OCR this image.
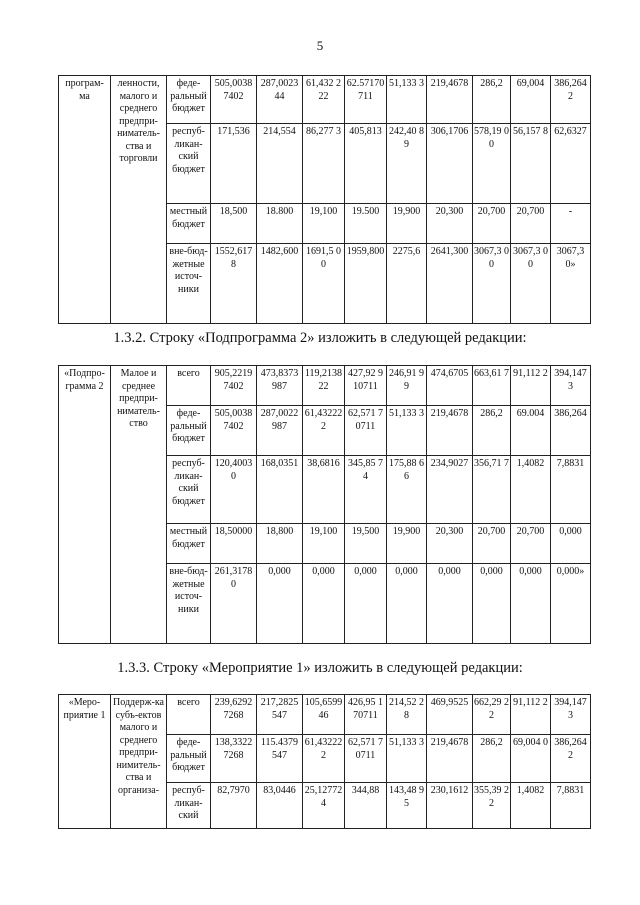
5
програм-ма	ленности, малого и среднего предпри-ниматель-ства и торговли	феде-ральный бюджет	505,0038 7402	287,0023 44	61,432 222	62.57170 711	51,133 3	219,4678	286,2	69,004	386,2642
		респуб-ликан-ский бюджет	171,536	214,554	86,277 3	405,813	242,40 89	306,1706	578,19 00	56,157 8	62,6327
		местный бюджет	18,500	18.800	19,100	19.500	19,900	20,300	20,700	20,700	-
		вне-бюд-жетные источ-ники	1552,617 8	1482,600	1691,5 00	1959,800	2275,6	2641,300	3067,3 00	3067,3 00	3067,30»
1.3.2. Строку «Подпрограмма 2» изложить в следующей редакции:
«Подпро-грамма 2	Малое и среднее предпри-ниматель-ство	всего	905,2219 7402	473,8373 987	119,2138 22	427,92 910711	246,91 99	474,6705	663,61 7	91,112 2	394,1473
		феде-ральный бюджет	505,0038 7402	287,0022 987	61,43222 2	62,571 70711	51,133 3	219,4678	286,2	69.004	386,264
		респуб-ликан-ский бюджет	120,4003 0	168,0351	38,6816	345,85 74	175,88 66	234,9027	356,71 7	1,4082	7,8831
		местный бюджет	18,50000	18,800	19,100	19,500	19,900	20,300	20,700	20,700	0,000
		вне-бюд-жетные источ-ники	261,3178 0	0,000	0,000	0,000	0,000	0,000	0,000	0,000	0,000»
1.3.3. Строку «Мероприятие 1» изложить в следующей редакции:
«Меро-приятие 1	Поддерж-ка субъ-ектов малого и среднего предпри-нимитель-ства и организа-	всего	239,6292 7268	217,2825 547	105,6599 46	426,95 170711	214,52 28	469,9525	662,29 22	91,112 2	394,1473
		феде-ральный бюджет	138,3322 7268	115.4379 547	61,43222 2	62,571 70711	51,133 3	219,4678	286,2	69,004 0	386,2642
		респуб-ликан-ский	82,7970	83,0446	25,12772 4	344,88	143,48 95	230,1612	355,39 22	1,4082	7,8831
